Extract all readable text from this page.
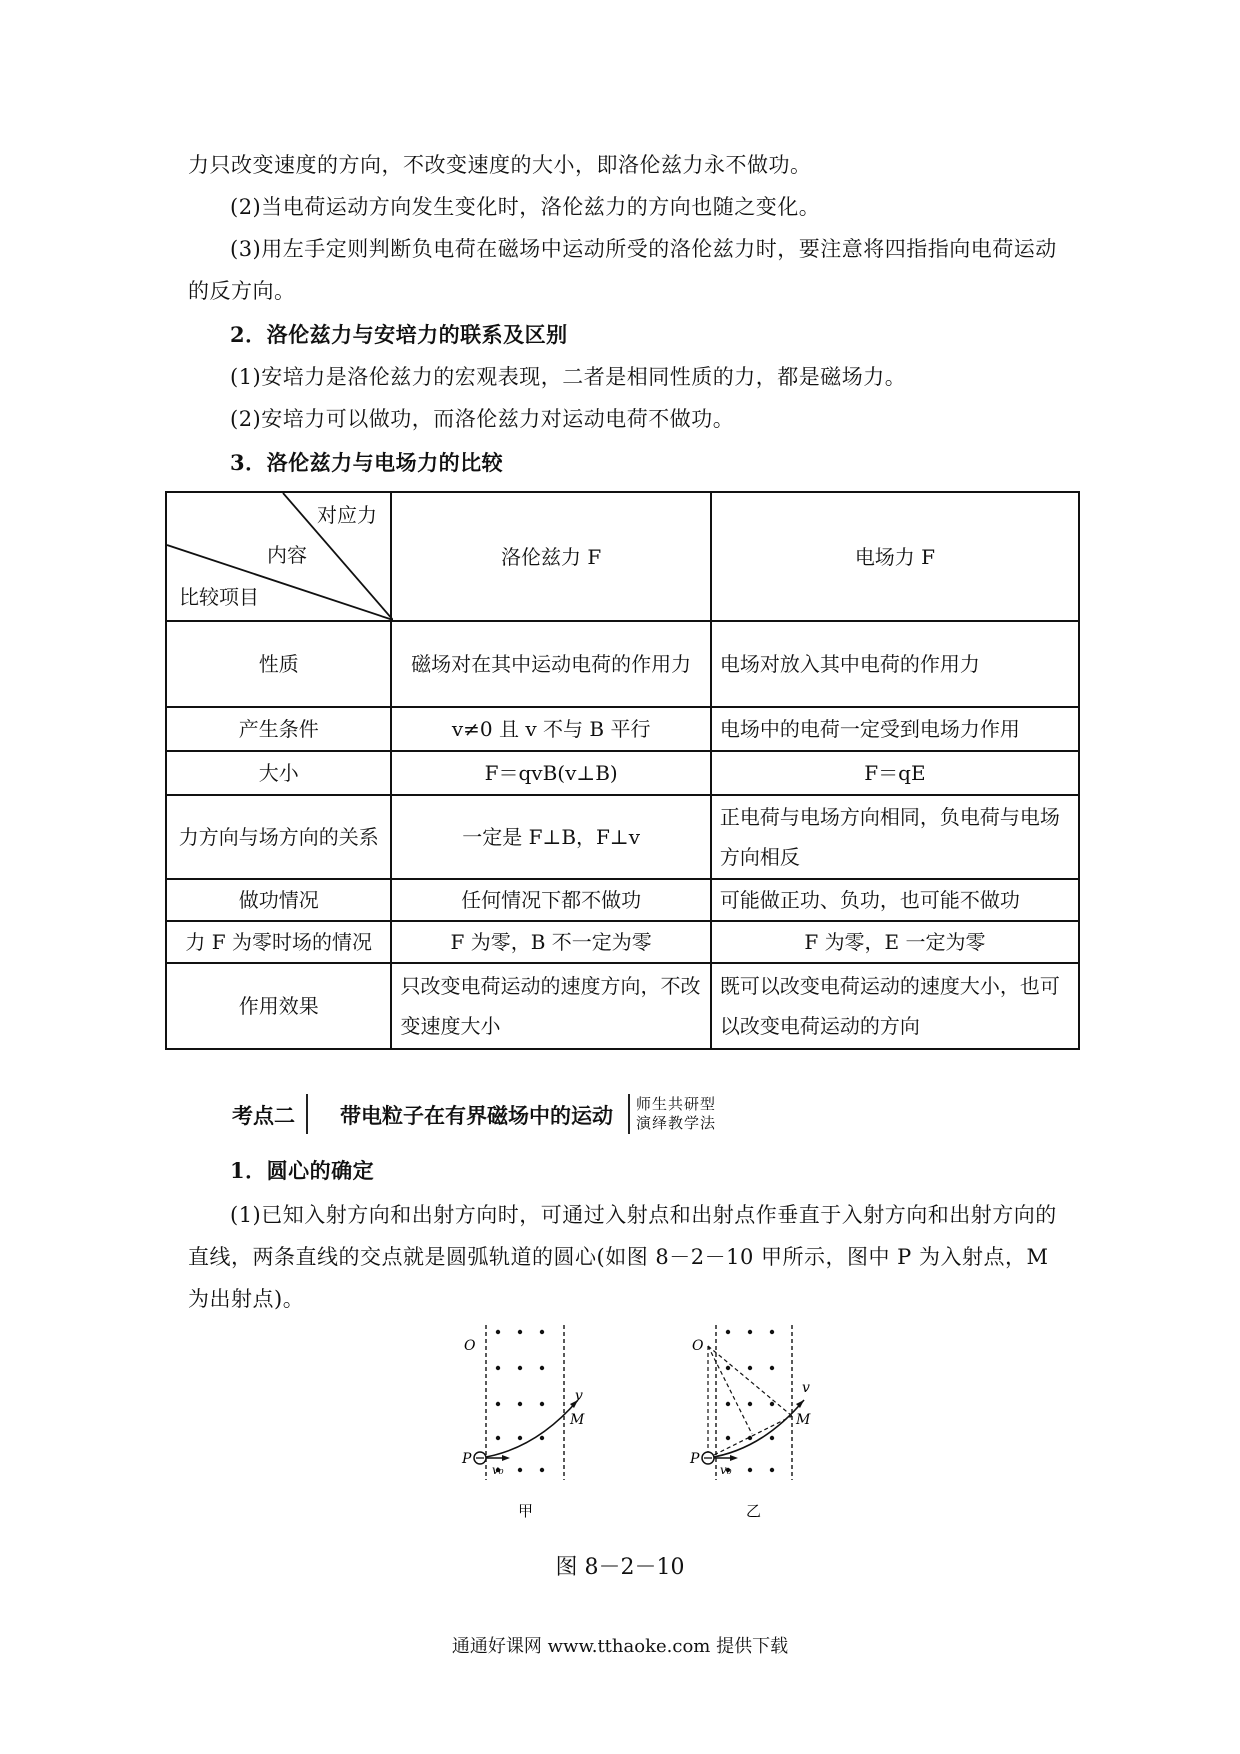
力只改变速度的方向，不改变速度的大小，即洛伦兹力永不做功。
(2)当电荷运动方向发生变化时，洛伦兹力的方向也随之变化。
(3)用左手定则判断负电荷在磁场中运动所受的洛伦兹力时，要注意将四指指向电荷运动的反方向。
2．洛伦兹力与安培力的联系及区别
(1)安培力是洛伦兹力的宏观表现，二者是相同性质的力，都是磁场力。
(2)安培力可以做功，而洛伦兹力对运动电荷不做功。
3．洛伦兹力与电场力的比较
对应力
内容
比较项目	洛伦兹力 F	电场力 F
性质	磁场对在其中运动电荷的作用力	电场对放入其中电荷的作用力
产生条件	v≠0 且 v 不与 B 平行	电场中的电荷一定受到电场力作用
大小	F＝qvB(v⊥B)	F＝qE
力方向与场方向的关系	一定是 F⊥B，F⊥v	正电荷与电场方向相同，负电荷与电场方向相反
做功情况	任何情况下都不做功	可能做正功、负功，也可能不做功
力 F 为零时场的情况	F 为零，B 不一定为零	F 为零，E 一定为零
作用效果	只改变电荷运动的速度方向，不改变速度大小	既可以改变电荷运动的速度大小，也可以改变电荷运动的方向
考点二 带电粒子在有界磁场中的运动 师生共研型
演绎教学法
1．圆心的确定
(1)已知入射方向和出射方向时，可通过入射点和出射点作垂直于入射方向和出射方向的直线，两条直线的交点就是圆弧轨道的圆心(如图 8－2－10 甲所示，图中 P 为入射点，M 为出射点)。
O
P
M
v
v₀
甲
O
P
M
v
v₀
乙
图 8－2－10
通通好课网 www.tthaoke.com 提供下载
